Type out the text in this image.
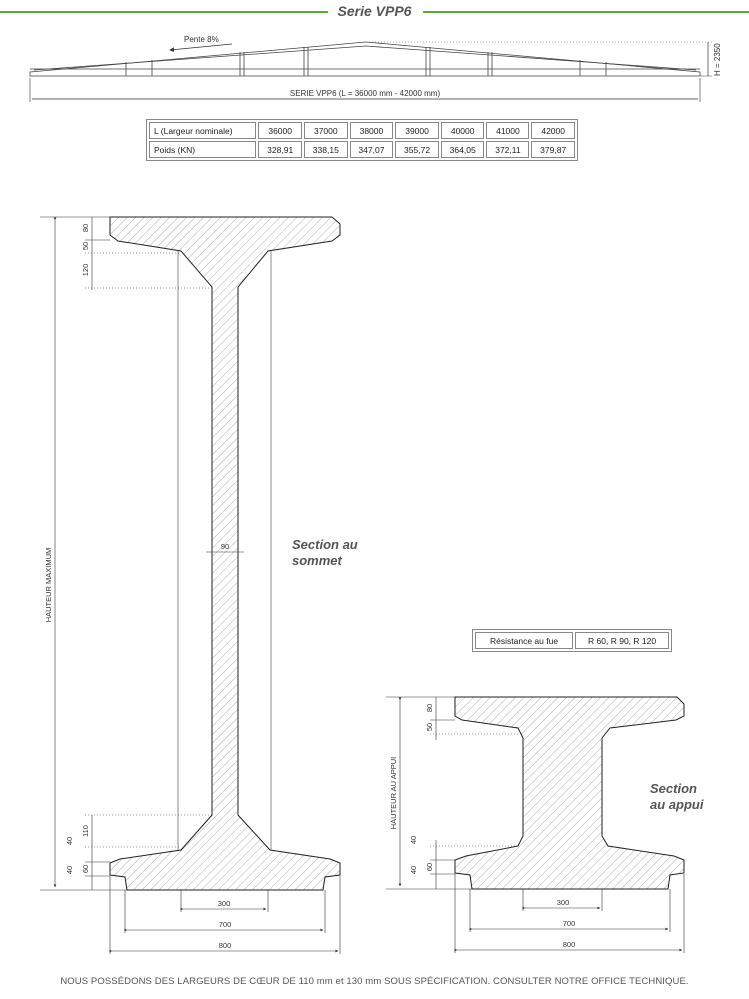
Serie VPP6
Pente 8%
H = 2350
SERIE VPP6 (L = 36000 mm - 42000 mm)
L (Largeur nominale)	36000	37000	38000	39000	40000	41000	42000
Poids (KN)	328,91	338,15	347,07	355,72	364,05	372,11	379,87
HAUTEUR MAXIMUM
80
50
120
110
40
40 60
90
300
700
800
Section au
sommet
Résistance au fue	R 60, R 90, R 120
HAUTEUR AU APPUI
80
50
40
40 60
300
700
800
Section
au appui
NOUS POSSÉDONS DES LARGEURS DE CŒUR DE 110 mm et 130 mm SOUS SPÉCIFICATION. CONSULTER NOTRE OFFICE TECHNIQUE.
